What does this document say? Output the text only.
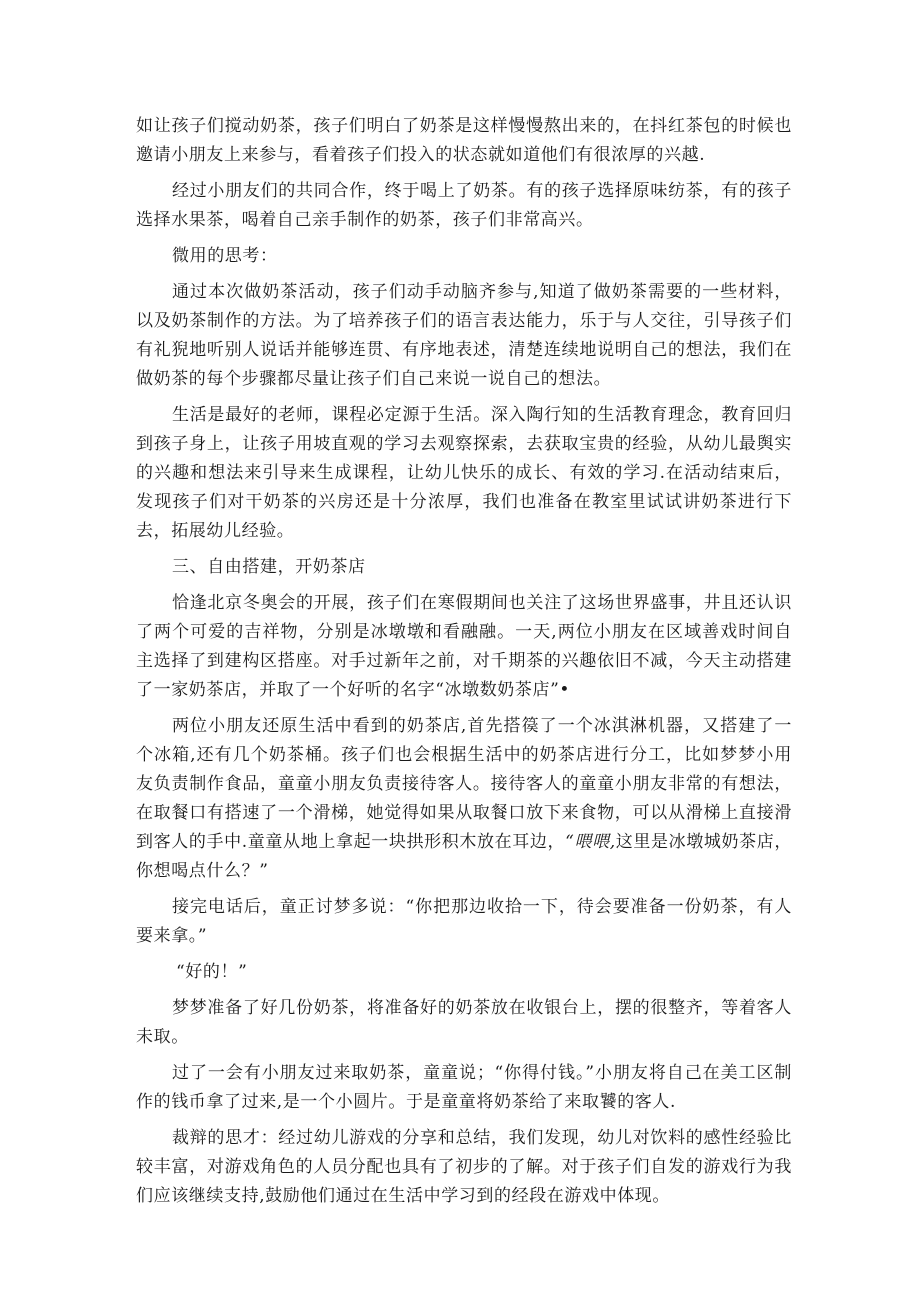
如让孩子们搅动奶茶，孩子们明白了奶茶是这样慢慢熬出来的，在抖红茶包的时候也邀请小朋友上来参与，看着孩子们投入的状态就如道他们有很浓厚的兴越.

经过小朋友们的共同合作，终于喝上了奶茶。有的孩子选择原味纺茶，有的孩子选择水果茶，喝着自己亲手制作的奶茶，孩子们非常高兴。

微用的思考：

通过本次做奶茶活动，孩子们动手动脑齐参与,知道了做奶茶需要的一些材料，以及奶茶制作的方法。为了培养孩子们的语言表达能力，乐于与人交往，引导孩子们有礼猊地听别人说话并能够连贯、有序地表述，清楚连续地说明自己的想法，我们在做奶茶的每个步骤都尽量让孩子们自己来说一说自己的想法。

生活是最好的老师，课程必定源于生活。深入陶行知的生活教育理念，教育回归到孩子身上，让孩子用坡直观的学习去观察探索，去获取宝贵的经验，从幼儿最舆实的兴趣和想法来引导来生成课程，让幼儿快乐的成长、有效的学习.在活动结束后，发现孩子们对干奶茶的兴房还是十分浓厚，我们也准备在教室里试试讲奶茶进行下去，拓展幼儿经验。

三、自由搭建，开奶茶店

恰逢北京冬奥会的开展，孩子们在寒假期间也关注了这场世界盛事，井且还认识了两个可爱的吉祥物，分别是冰墩墩和看融融。一天,两位小朋友在区域善戏时间自主选择了到建构区搭座。对手过新年之前，对千期茶的兴趣依旧不减，今天主动搭建了一家奶茶店，并取了一个好听的名字“冰墩数奶茶店”•

两位小朋友还原生活中看到的奶茶店,首先搭篌了一个冰淇淋机器，又搭建了一个冰箱,还有几个奶茶桶。孩子们也会根据生活中的奶茶店进行分工，比如梦梦小用友负责制作食品，童童小朋友负责接待客人。接待客人的童童小朋友非常的有想法，在取餐口有搭速了一个滑梯，她觉得如果从取餐口放下来食物，可以从滑梯上直接滑到客人的手中.童童从地上拿起一块拱形积木放在耳边，“喂喂,这里是冰墩城奶茶店，你想喝点什么？”

接完电话后，童正讨梦多说：“你把那边收拾一下，待会要准备一份奶茶，有人要来拿。”

“好的！”

梦梦准备了好几份奶茶，将准备好的奶茶放在收银台上，摆的很整齐，等着客人未取。

过了一会有小朋友过来取奶茶，童童说；“你得付钱。”小朋友将自己在美工区制作的钱币拿了过来,是一个小圆片。于是童童将奶茶给了来取饕的客人.

裁辩的思才：经过幼儿游戏的分享和总结，我们发现，幼儿对饮料的感性经验比较丰富，对游戏角色的人员分配也具有了初步的了解。对于孩子们自发的游戏行为我们应该继续支持,鼓励他们通过在生活中学习到的经段在游戏中体现。
